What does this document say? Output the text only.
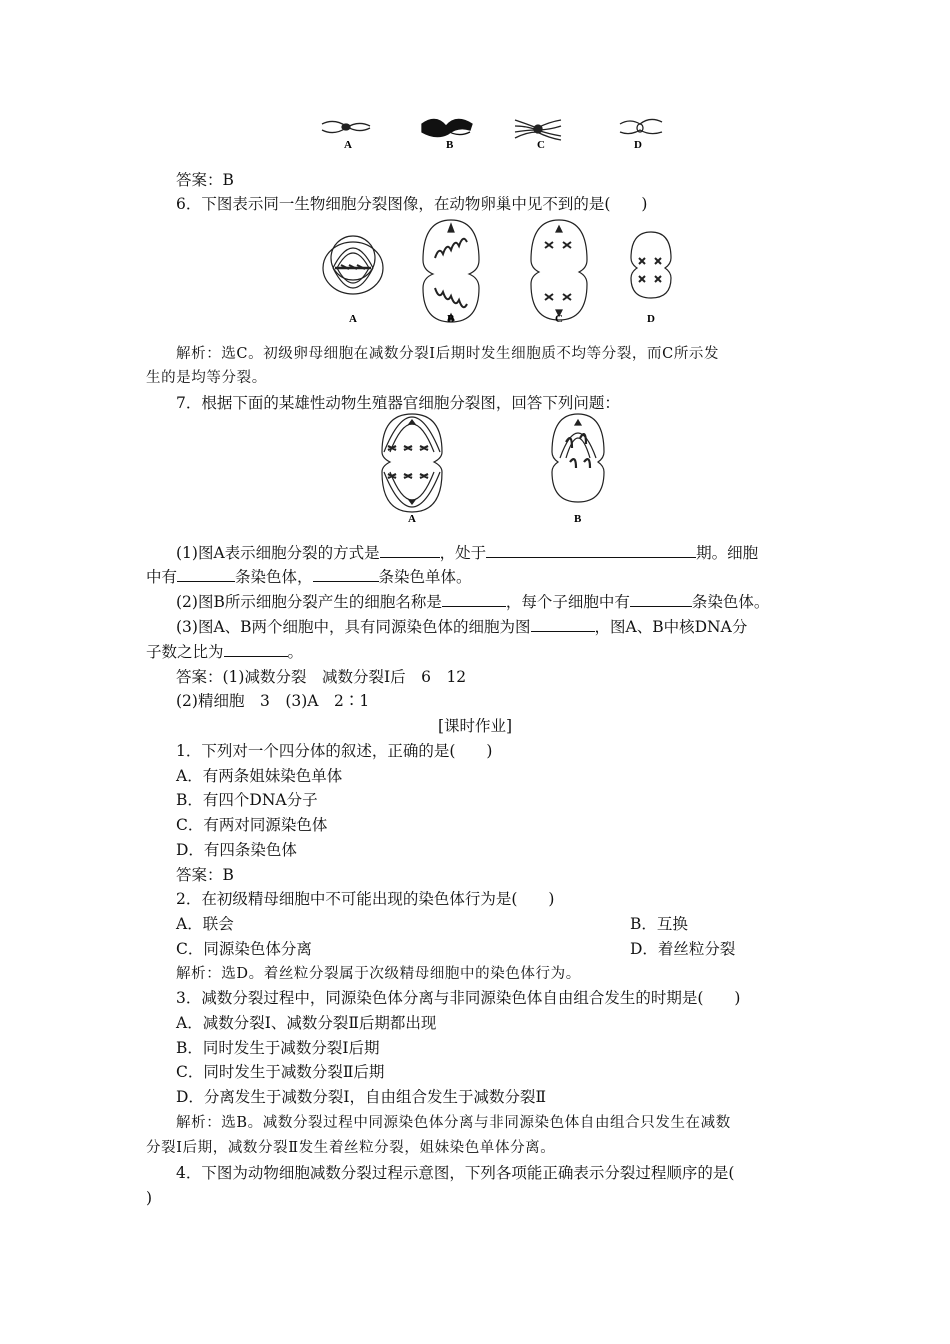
A	B	C	D
答案：B
6．下图表示同一生物细胞分裂图像，在动物卵巢中见不到的是(　　)
A	B	C	D
解析：选C。初级卵母细胞在减数分裂Ⅰ后期时发生细胞质不均等分裂，而C所示发
生的是均等分裂。
7．根据下面的某雄性动物生殖器官细胞分裂图，回答下列问题：
A	B
(1)图A表示细胞分裂的方式是	，处于	期。细胞
中有	条染色体，	条染色单体。
(2)图B所示细胞分裂产生的细胞名称是	，每个子细胞中有	条染色体。
(3)图A、B两个细胞中，具有同源染色体的细胞为图	，图A、B中核DNA分
子数之比为	。
答案：(1)减数分裂　减数分裂Ⅰ后　6　12
(2)精细胞　3　(3)A　2∶1
[课时作业]
1．下列对一个四分体的叙述，正确的是(　　)
A．有两条姐妹染色单体
B．有四个DNA分子
C．有两对同源染色体
D．有四条染色体
答案：B
2．在初级精母细胞中不可能出现的染色体行为是(　　)
A．联会	B．互换
C．同源染色体分离	D．着丝粒分裂
解析：选D。着丝粒分裂属于次级精母细胞中的染色体行为。
3．减数分裂过程中，同源染色体分离与非同源染色体自由组合发生的时期是(　　)
A．减数分裂Ⅰ、减数分裂Ⅱ后期都出现
B．同时发生于减数分裂Ⅰ后期
C．同时发生于减数分裂Ⅱ后期
D．分离发生于减数分裂Ⅰ，自由组合发生于减数分裂Ⅱ
解析：选B。减数分裂过程中同源染色体分离与非同源染色体自由组合只发生在减数
分裂Ⅰ后期，减数分裂Ⅱ发生着丝粒分裂，姐妹染色单体分离。
4．下图为动物细胞减数分裂过程示意图，下列各项能正确表示分裂过程顺序的是(
)
